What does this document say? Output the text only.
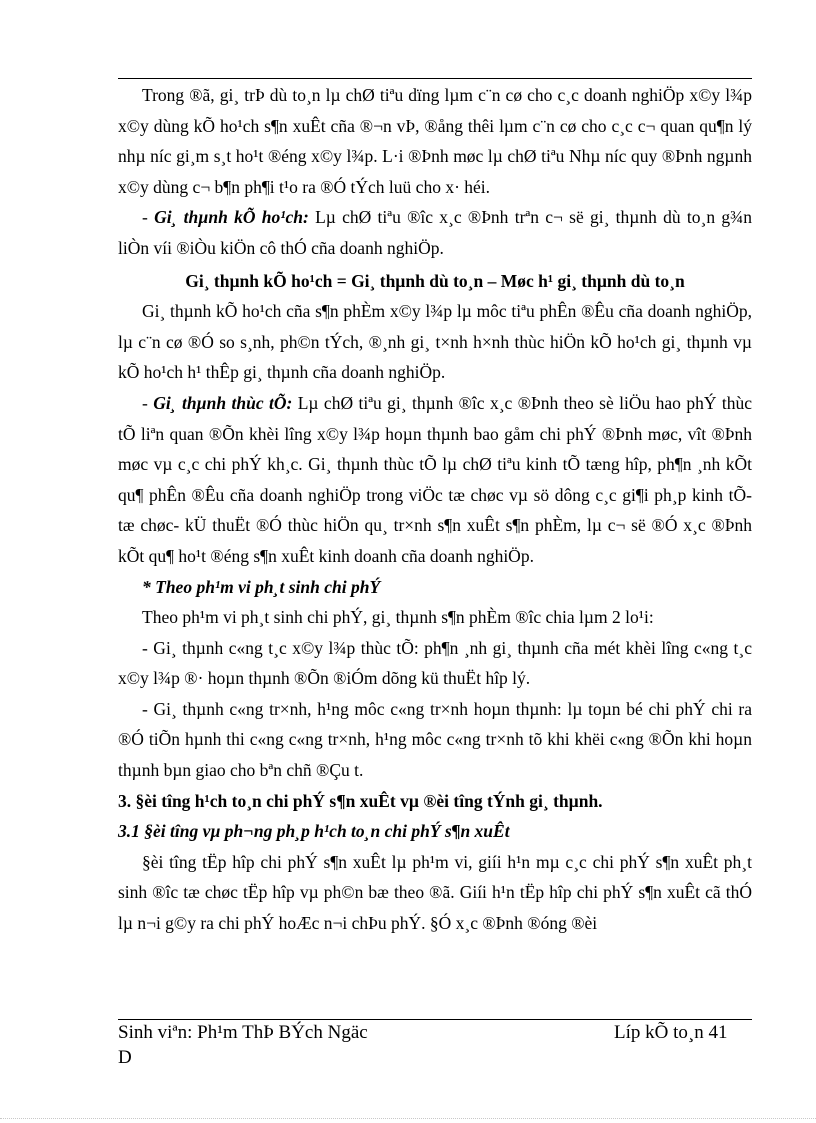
Trong ®ã, gi¸ trÞ dù to¸n lµ chØ tiªu dïng lµm c¨n cø cho c¸c doanh nghiÖp x©y l¾p x©y dùng kÕ ho¹ch s¶n xuÊt cña ®¬n vÞ, ®ång thêi lµm c¨n cø cho c¸c c¬ quan qu¶n lý nhµ níc gi¸m s¸t ho¹t ®éng x©y l¾p. L·i ®Þnh møc lµ chØ tiªu Nhµ níc quy ®Þnh ngµnh x©y dùng c¬ b¶n ph¶i t¹o ra ®Ó tÝch luü cho x· héi.

- Gi¸ thµnh kÕ ho¹ch: Lµ chØ tiªu ®îc x¸c ®Þnh trªn c¬ së gi¸ thµnh dù to¸n g¾n liÒn víi ®iÒu kiÖn cô thÓ cña doanh nghiÖp.

Gi¸ thµnh kÕ ho¹ch = Gi¸ thµnh dù to¸n – Møc h¹ gi¸ thµnh dù to¸n

Gi¸ thµnh kÕ ho¹ch cña s¶n phÈm x©y l¾p lµ môc tiªu phÊn ®Êu cña doanh nghiÖp, lµ c¨n cø ®Ó so s¸nh, ph©n tÝch, ®¸nh gi¸ t×nh h×nh thùc hiÖn kÕ ho¹ch gi¸ thµnh vµ kÕ ho¹ch h¹ thÊp gi¸ thµnh cña doanh nghiÖp.

- Gi¸ thµnh thùc tÕ: Lµ chØ tiªu gi¸ thµnh ®îc x¸c ®Þnh theo sè liÖu hao phÝ thùc tÕ liªn quan ®Õn khèi lîng x©y l¾p hoµn thµnh bao gåm chi phÝ ®Þnh møc, vît ®Þnh møc vµ c¸c chi phÝ kh¸c. Gi¸ thµnh thùc tÕ lµ chØ tiªu kinh tÕ tæng hîp, ph¶n ¸nh kÕt qu¶ phÊn ®Êu cña doanh nghiÖp trong viÖc tæ chøc vµ sö dông c¸c gi¶i ph¸p kinh tÕ- tæ chøc- kÜ thuËt ®Ó thùc hiÖn qu¸ tr×nh s¶n xuÊt s¶n phÈm, lµ c¬ së ®Ó x¸c ®Þnh kÕt qu¶ ho¹t ®éng s¶n xuÊt kinh doanh cña doanh nghiÖp.

* Theo ph¹m vi ph¸t sinh chi phÝ

Theo ph¹m vi ph¸t sinh chi phÝ, gi¸ thµnh s¶n phÈm ®îc chia lµm 2 lo¹i:

- Gi¸ thµnh c«ng t¸c x©y l¾p thùc tÕ: ph¶n ¸nh gi¸ thµnh cña mét khèi lîng c«ng t¸c x©y l¾p ®· hoµn thµnh ®Õn ®iÓm dõng kü thuËt hîp lý.

- Gi¸ thµnh c«ng tr×nh, h¹ng môc c«ng tr×nh hoµn thµnh: lµ toµn bé chi phÝ chi ra ®Ó tiÕn hµnh thi c«ng c«ng tr×nh, h¹ng môc c«ng tr×nh tõ khi khëi c«ng ®Õn khi hoµn thµnh bµn giao cho bªn chñ ®Çu t.

3. §èi tîng h¹ch to¸n chi phÝ s¶n xuÊt vµ ®èi tîng tÝnh gi¸ thµnh.

3.1 §èi tîng vµ ph¬ng ph¸p h¹ch to¸n chi phÝ s¶n xuÊt

§èi tîng tËp hîp chi phÝ s¶n xuÊt lµ ph¹m vi, giíi h¹n mµ c¸c chi phÝ s¶n xuÊt ph¸t sinh ®îc tæ chøc tËp hîp vµ ph©n bæ theo ®ã. Giíi h¹n tËp hîp chi phÝ s¶n xuÊt cã thÓ lµ n¬i g©y ra chi phÝ hoÆc n¬i chÞu phÝ. §Ó x¸c ®Þnh ®óng ®èi

Sinh viªn: Ph¹m ThÞ BÝch Ngäc	Líp kÕ to¸n 41
D
